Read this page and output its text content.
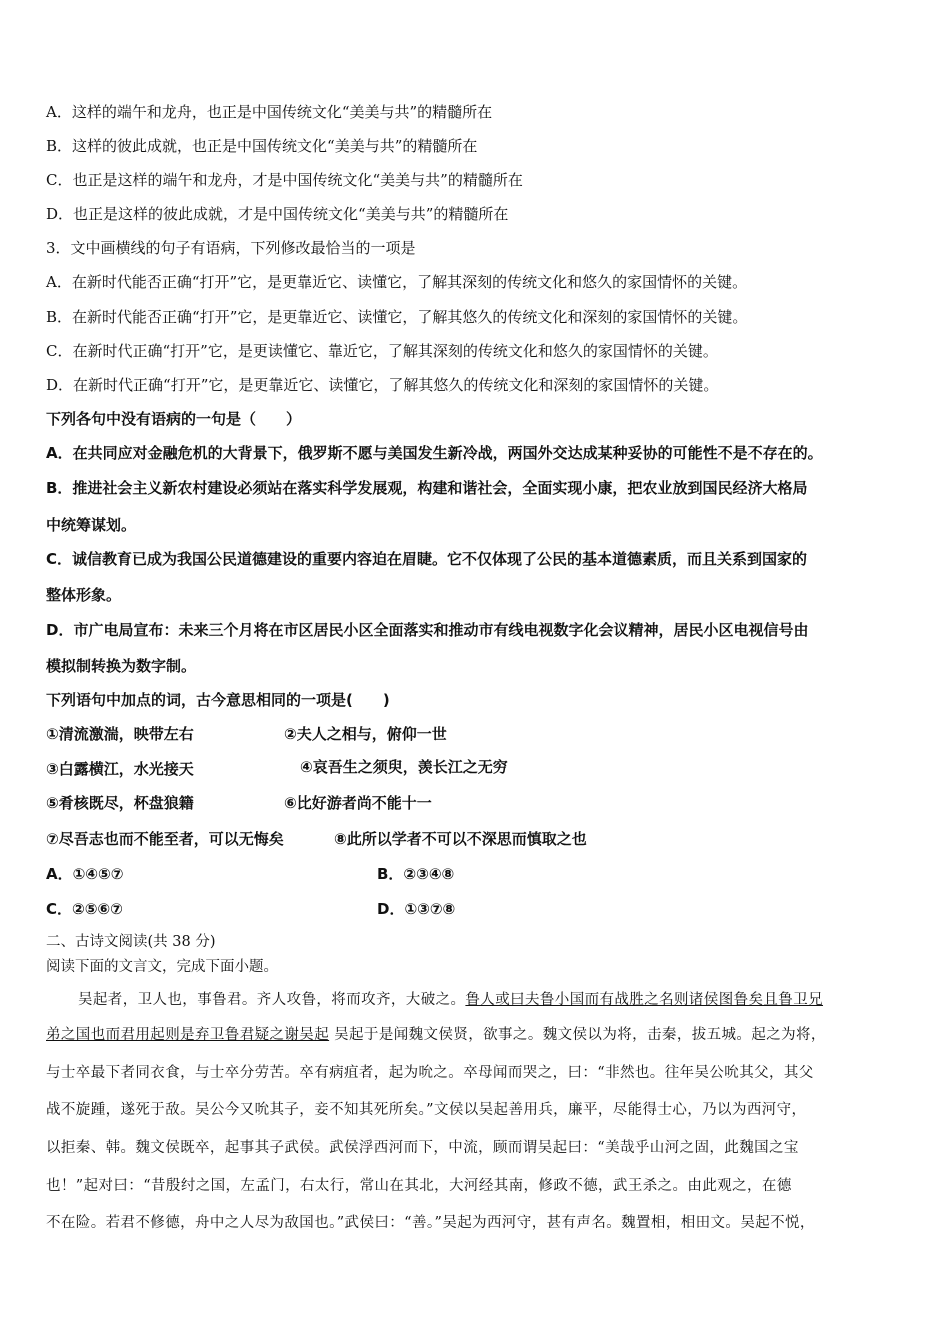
A．这样的端午和龙舟，也正是中国传统文化“美美与共”的精髓所在
B．这样的彼此成就，也正是中国传统文化“美美与共”的精髓所在
C．也正是这样的端午和龙舟，才是中国传统文化“美美与共”的精髓所在
D．也正是这样的彼此成就，才是中国传统文化“美美与共”的精髓所在
3．文中画横线的句子有语病，下列修改最恰当的一项是
A．在新时代能否正确“打开”它，是更靠近它、读懂它，了解其深刻的传统文化和悠久的家国情怀的关键。
B．在新时代能否正确“打开”它，是更靠近它、读懂它，了解其悠久的传统文化和深刻的家国情怀的关键。
C．在新时代正确“打开”它，是更读懂它、靠近它，了解其深刻的传统文化和悠久的家国情怀的关键。
D．在新时代正确“打开”它，是更靠近它、读懂它，了解其悠久的传统文化和深刻的家国情怀的关键。
下列各句中没有语病的一句是（　　）
A．在共同应对金融危机的大背景下，俄罗斯不愿与美国发生新冷战，两国外交达成某种妥协的可能性不是不存在的。
B．推进社会主义新农村建设必须站在落实科学发展观，构建和谐社会，全面实现小康，把农业放到国民经济大格局
中统筹谋划。
C．诚信教育已成为我国公民道德建设的重要内容迫在眉睫。它不仅体现了公民的基本道德素质，而且关系到国家的
整体形象。
D．市广电局宣布：未来三个月将在市区居民小区全面落实和推动市有线电视数字化会议精神，居民小区电视信号由
模拟制转换为数字制。
下列语句中加点的词，古今意思相同的一项是(　　)
①清流激湍，映带左右	②夫人之相与，俯仰一世
③白露横江，水光接天	④哀吾生之须臾，羡长江之无穷
⑤肴核既尽，杯盘狼籍	⑥比好游者尚不能十一
⑦尽吾志也而不能至者，可以无悔矣	⑧此所以学者不可以不深思而慎取之也
A．①④⑤⑦	B．②③④⑧
C．②⑤⑥⑦	D．①③⑦⑧
二、古诗文阅读(共 38 分)
阅读下面的文言文，完成下面小题。
吴起者，卫人也，事鲁君。齐人攻鲁，将而攻齐，大破之。鲁人或曰夫鲁小国而有战胜之名则诸侯图鲁矣且鲁卫兄
弟之国也而君用起则是弃卫鲁君疑之谢吴起 吴起于是闻魏文侯贤，欲事之。魏文侯以为将，击秦，拔五城。起之为将，
与士卒最下者同衣食，与士卒分劳苦。卒有病疽者，起为吮之。卒母闻而哭之，曰：“非然也。往年吴公吮其父，其父
战不旋踵，遂死于敌。吴公今又吮其子，妾不知其死所矣。”文侯以吴起善用兵，廉平，尽能得士心，乃以为西河守，
以拒秦、韩。魏文侯既卒，起事其子武侯。武侯浮西河而下，中流，顾而谓吴起曰：“美哉乎山河之固，此魏国之宝
也！”起对曰：“昔殷纣之国，左孟门，右太行，常山在其北，大河经其南，修政不德，武王杀之。由此观之，在德
不在险。若君不修德，舟中之人尽为敌国也。”武侯曰：“善。”吴起为西河守，甚有声名。魏置相，相田文。吴起不悦，
